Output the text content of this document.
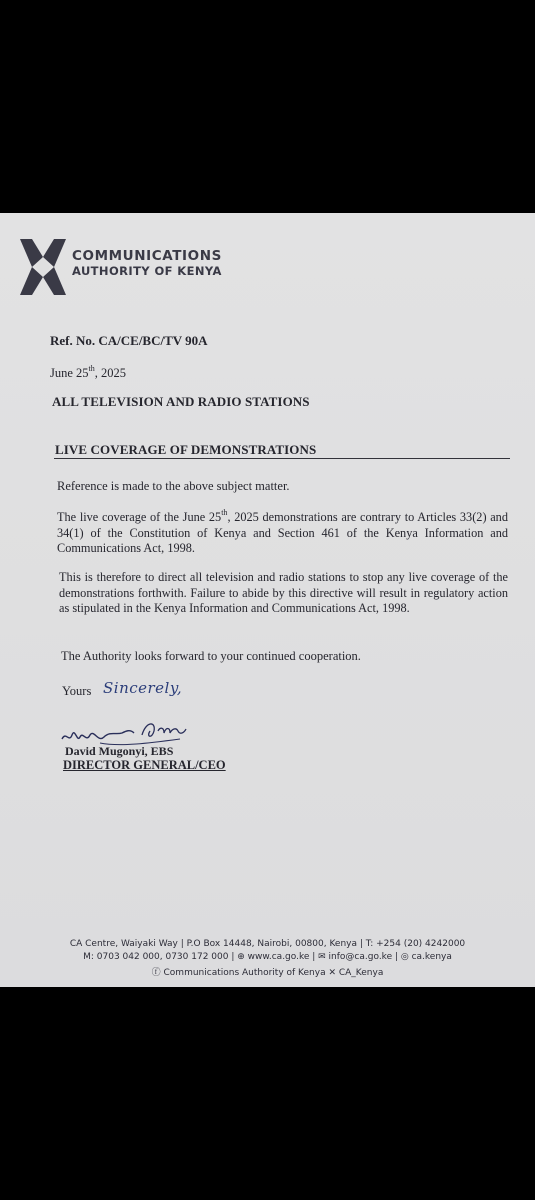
COMMUNICATIONS
AUTHORITY OF KENYA
Ref. No. CA/CE/BC/TV 90A
June 25th, 2025
ALL TELEVISION AND RADIO STATIONS
LIVE COVERAGE OF DEMONSTRATIONS
Reference is made to the above subject matter.
The live coverage of the June 25th, 2025 demonstrations are contrary to Articles 33(2) and 34(1) of the Constitution of Kenya and Section 461 of the Kenya Information and Communications Act, 1998.
This is therefore to direct all television and radio stations to stop any live coverage of the demonstrations forthwith. Failure to abide by this directive will result in regulatory action as stipulated in the Kenya Information and Communications Act, 1998.
The Authority looks forward to your continued cooperation.
Yours Sincerely,
David Mugonyi, EBS
DIRECTOR GENERAL/CEO
CA Centre, Waiyaki Way | P.O Box 14448, Nairobi, 00800, Kenya | T: +254 (20) 4242000
M: 0703 042 000, 0730 172 000 | ⊕ www.ca.go.ke | ✉ info@ca.go.ke | ◎ ca.kenya
ⓕ Communications Authority of Kenya ✕ CA_Kenya
